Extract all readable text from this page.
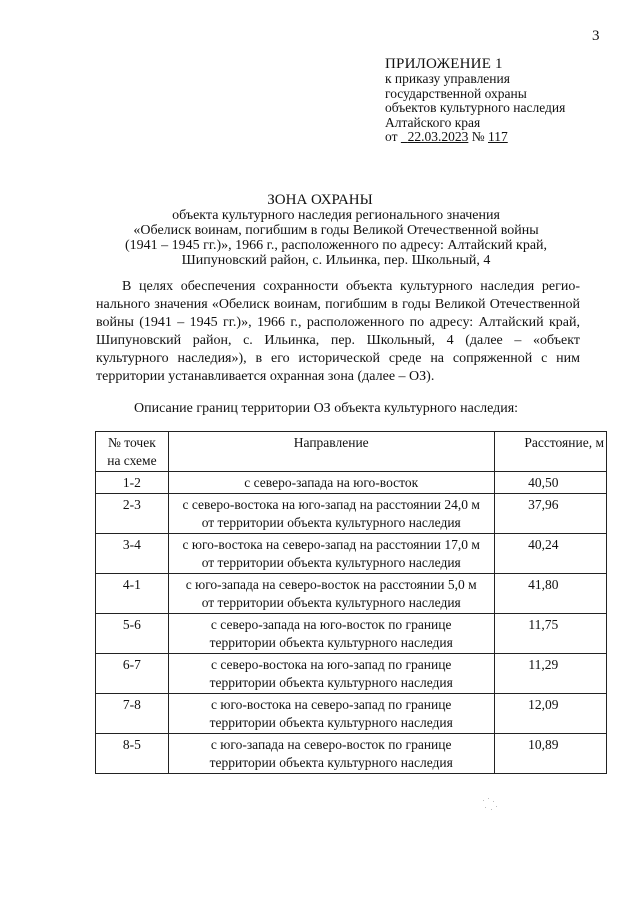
3
ПРИЛОЖЕНИЕ 1
к приказу управления
государственной охраны
объектов культурного наследия
Алтайского края
от 22.03.2023 № 117
ЗОНА ОХРАНЫ
объекта культурного наследия регионального значения
«Обелиск воинам, погибшим в годы Великой Отечественной войны
(1941 – 1945 гг.)», 1966 г., расположенного по адресу: Алтайский край,
Шипуновский район, с. Ильинка, пер. Школьный, 4
В целях обеспечения сохранности объекта культурного наследия регио-
нального значения «Обелиск воинам, погибшим в годы Великой Отечественной
войны (1941 – 1945 гг.)», 1966 г., расположенного по адресу: Алтайский край,
Шипуновский район, с. Ильинка, пер. Школьный, 4 (далее – «объект
культурного наследия»), в его исторической среде на сопряженной с ним
территории устанавливается охранная зона (далее – ОЗ).
Описание границ территории ОЗ объекта культурного наследия:
№ точек
на схеме	Направление	Расстояние, м
1-2	с северо-запада на юго-восток	40,50
2-3	с северо-востока на юго-запад на расстоянии 24,0 м
от территории объекта культурного наследия	37,96
3-4	с юго-востока на северо-запад на расстоянии 17,0 м
от территории объекта культурного наследия	40,24
4-1	с юго-запада на северо-восток на расстоянии 5,0 м
от территории объекта культурного наследия	41,80
5-6	с северо-запада на юго-восток по границе
территории объекта культурного наследия	11,75
6-7	с северо-востока на юго-запад по границе
территории объекта культурного наследия	11,29
7-8	с юго-востока на северо-запад по границе
территории объекта культурного наследия	12,09
8-5	с юго-запада на северо-восток по границе
территории объекта культурного наследия	10,89
